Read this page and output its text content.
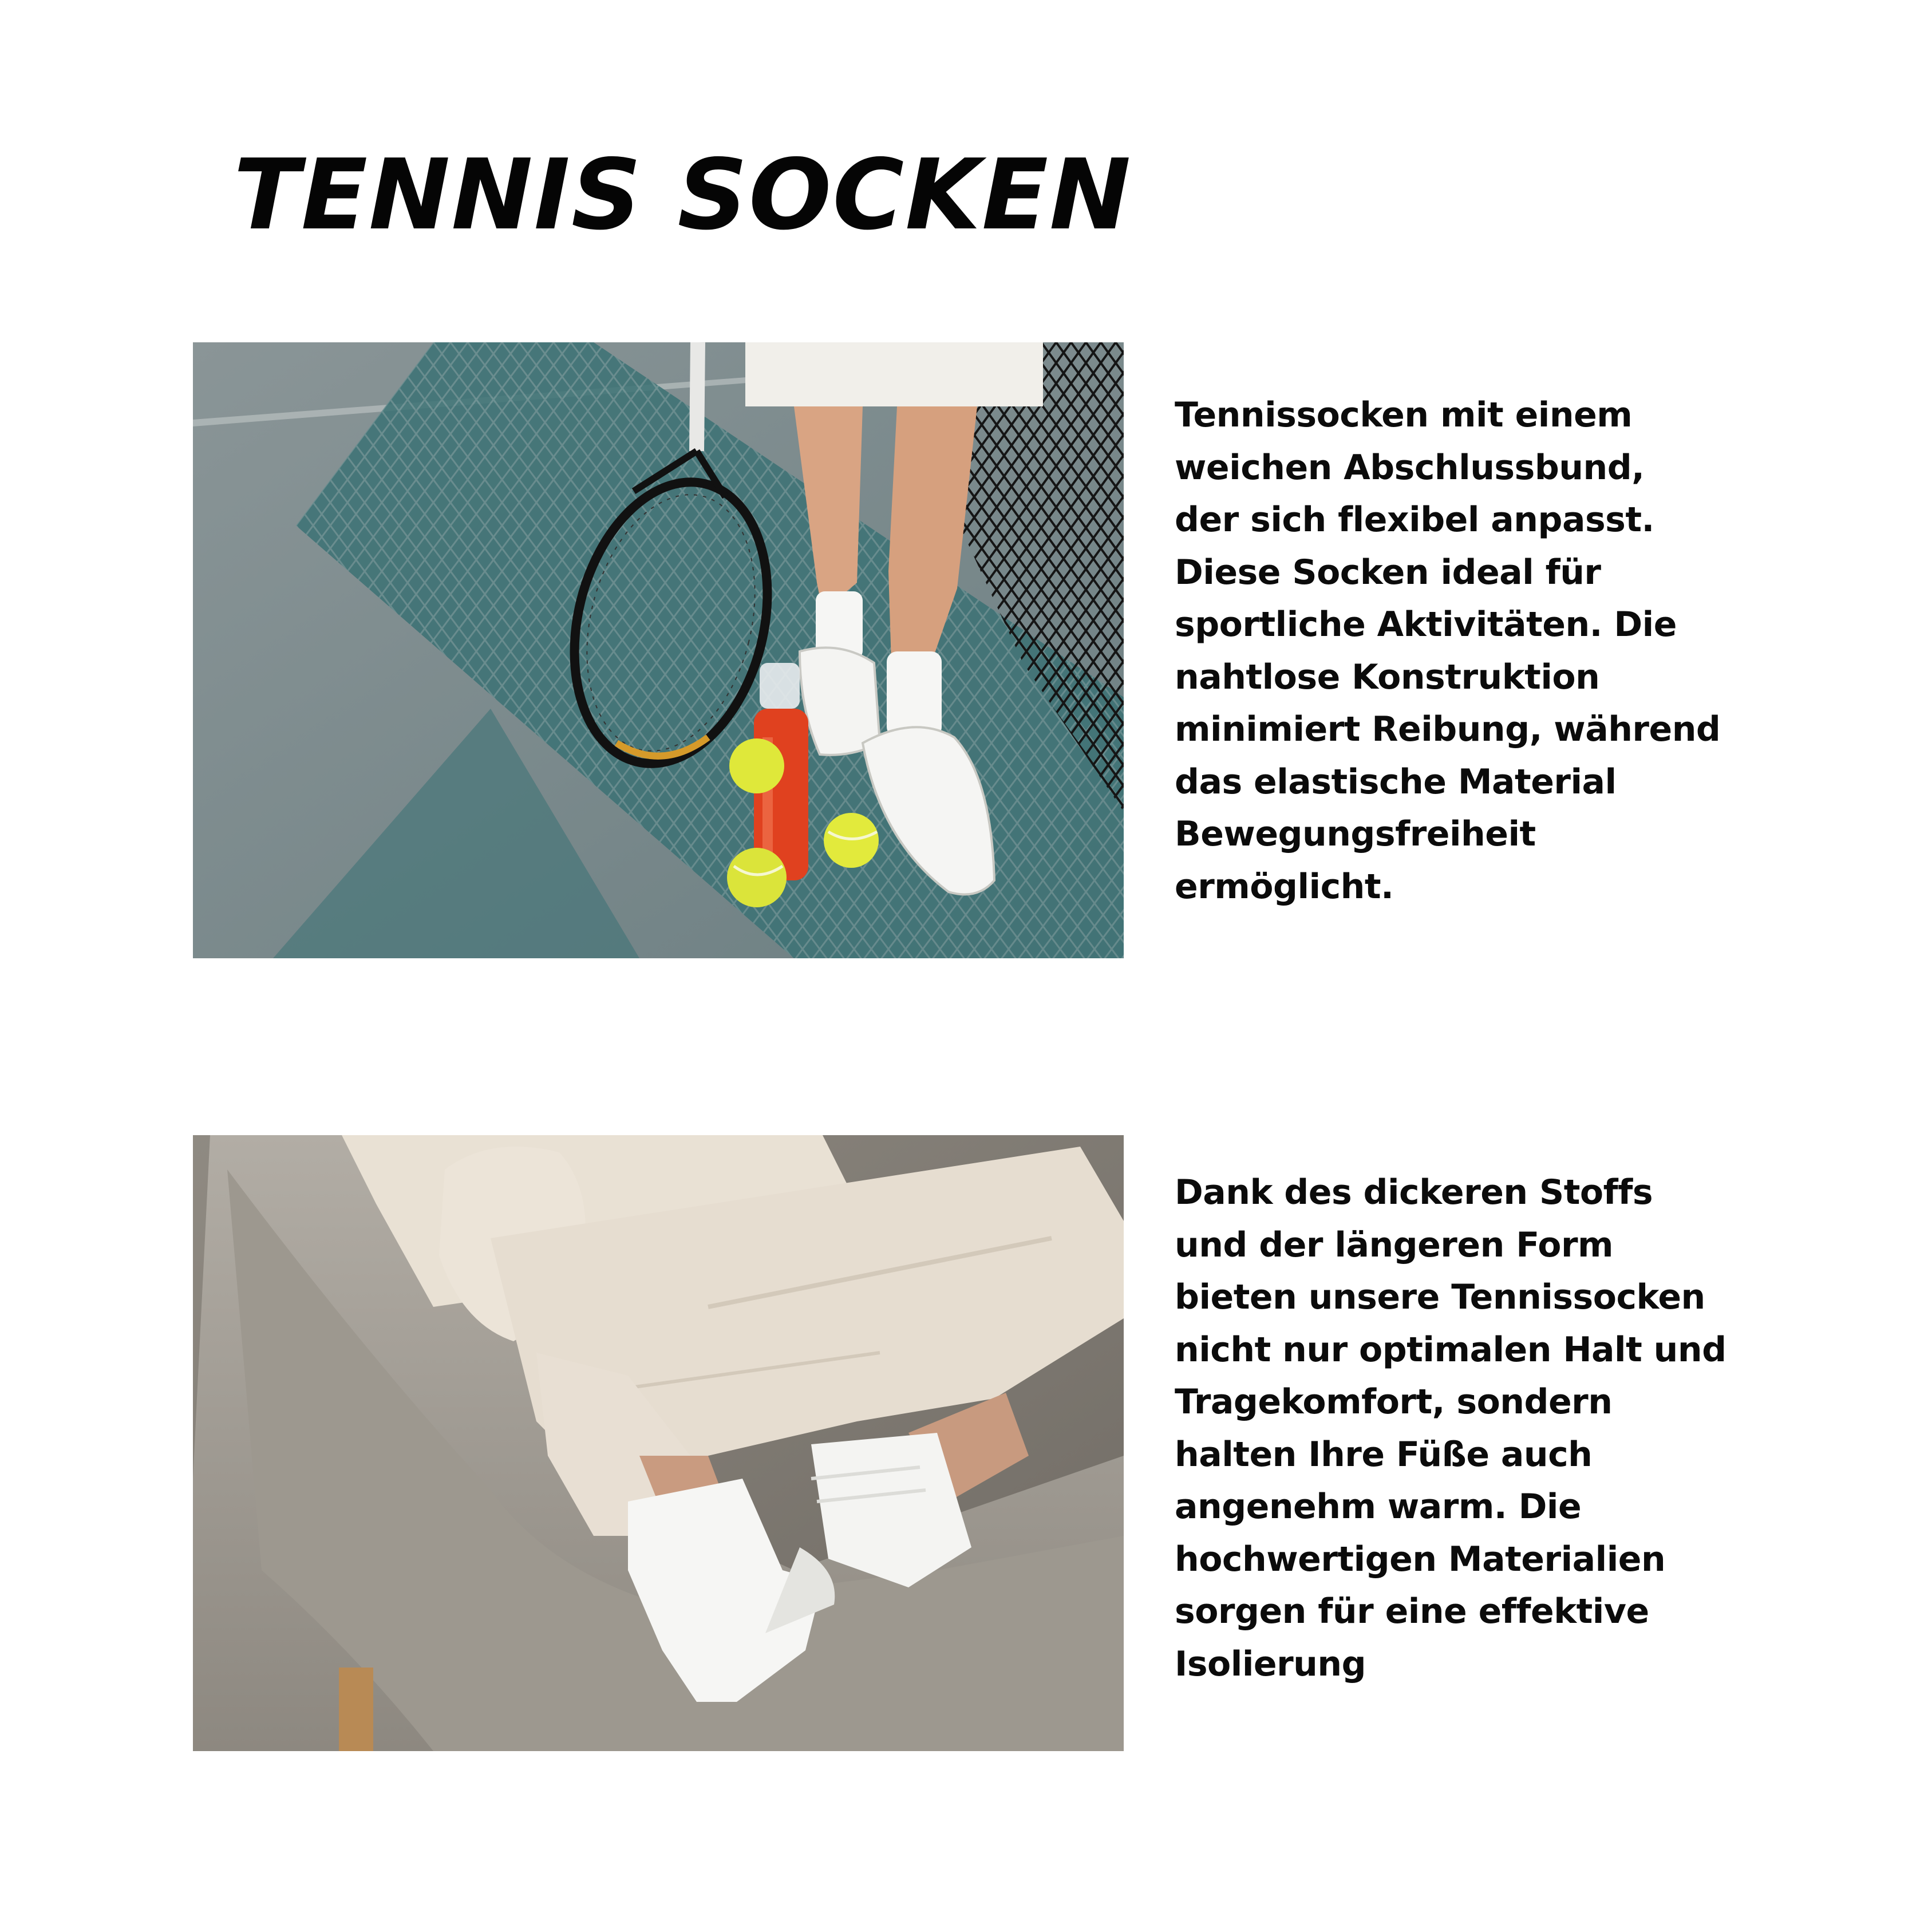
TENNIS SOCKEN

Tennissocken mit einem
weichen Abschlussbund,
der sich flexibel anpasst.
Diese Socken ideal für
sportliche Aktivitäten. Die
nahtlose Konstruktion
minimiert Reibung, während
das elastische Material
Bewegungsfreiheit
ermöglicht.

Dank des dickeren Stoffs
und der längeren Form
bieten unsere Tennissocken
nicht nur optimalen Halt und
Tragekomfort, sondern
halten Ihre Füße auch
angenehm warm. Die
hochwertigen Materialien
sorgen für eine effektive
Isolierung
